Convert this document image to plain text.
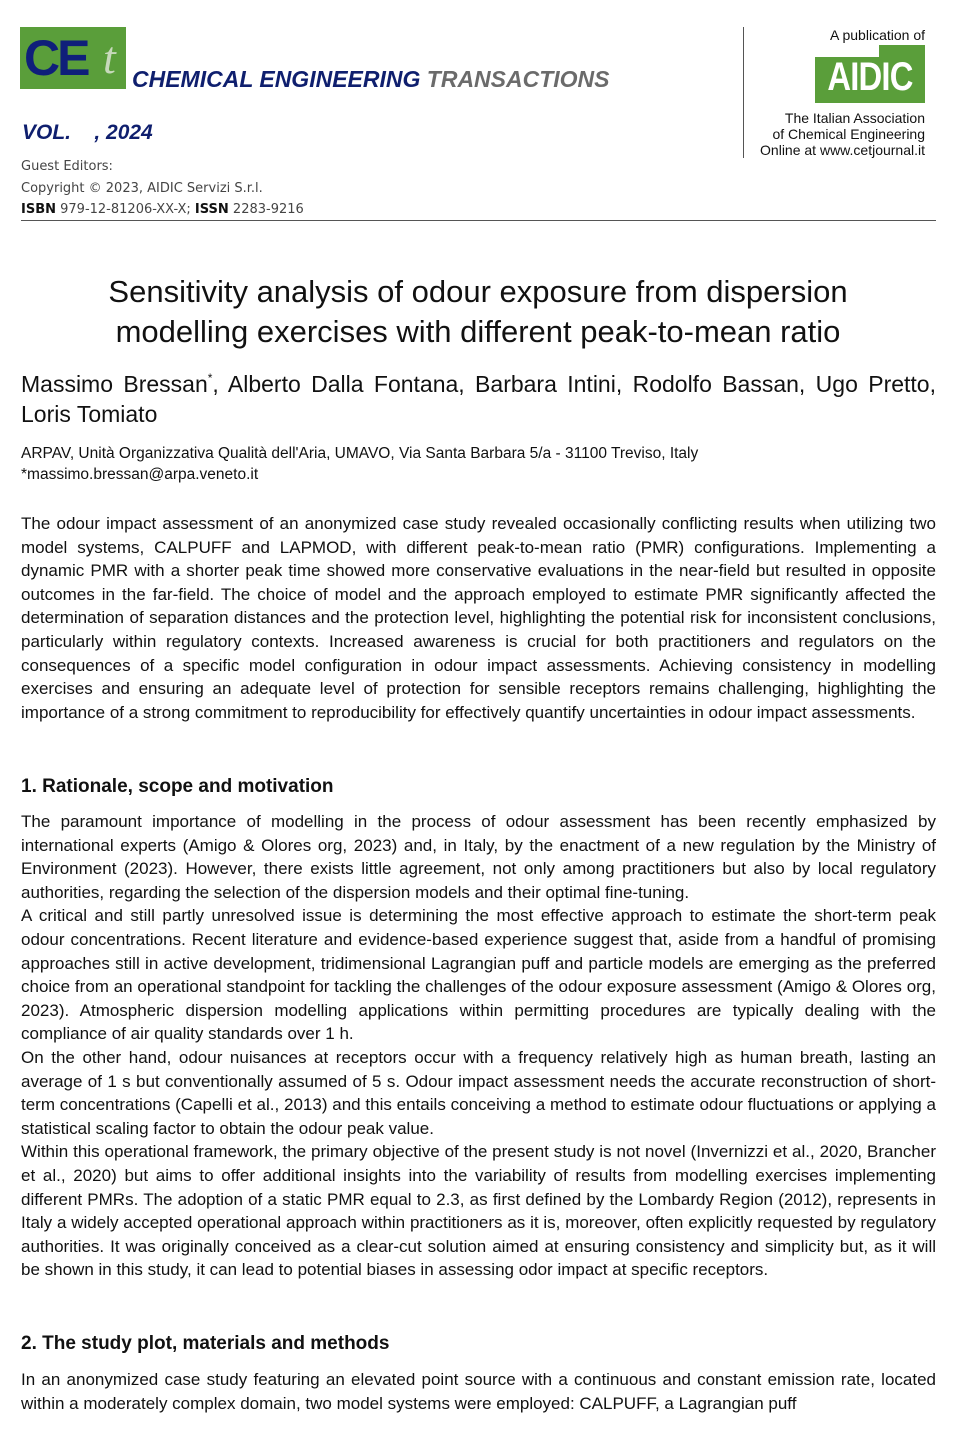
CE t CHEMICAL ENGINEERING TRANSACTIONS
VOL.    , 2024
Guest Editors:
Copyright © 2023, AIDIC Servizi S.r.l.
ISBN 979-12-81206-XX-X; ISSN 2283-9216
A publication of
AIDIC
The Italian Association
of Chemical Engineering
Online at www.cetjournal.it
Sensitivity analysis of odour exposure from dispersion
modelling exercises with different peak-to-mean ratio
Massimo Bressan*, Alberto Dalla Fontana, Barbara Intini, Rodolfo Bassan, Ugo Pretto, Loris Tomiato
ARPAV, Unità Organizzativa Qualità dell'Aria, UMAVO, Via Santa Barbara 5/a - 31100 Treviso, Italy
*massimo.bressan@arpa.veneto.it

The odour impact assessment of an anonymized case study revealed occasionally conflicting results when utilizing two model systems, CALPUFF and LAPMOD, with different peak-to-mean ratio (PMR) configurations. Implementing a dynamic PMR with a shorter peak time showed more conservative evaluations in the near-field but resulted in opposite outcomes in the far-field. The choice of model and the approach employed to estimate PMR significantly affected the determination of separation distances and the protection level, highlighting the potential risk for inconsistent conclusions, particularly within regulatory contexts. Increased awareness is crucial for both practitioners and regulators on the consequences of a specific model configuration in odour impact assessments. Achieving consistency in modelling exercises and ensuring an adequate level of protection for sensible receptors remains challenging, highlighting the importance of a strong commitment to reproducibility for effectively quantify uncertainties in odour impact assessments.

1. Rationale, scope and motivation

The paramount importance of modelling in the process of odour assessment has been recently emphasized by international experts (Amigo & Olores org, 2023) and, in Italy, by the enactment of a new regulation by the Ministry of Environment (2023). However, there exists little agreement, not only among practitioners but also by local regulatory authorities, regarding the selection of the dispersion models and their optimal fine-tuning.

A critical and still partly unresolved issue is determining the most effective approach to estimate the short-term peak odour concentrations. Recent literature and evidence-based experience suggest that, aside from a handful of promising approaches still in active development, tridimensional Lagrangian puff and particle models are emerging as the preferred choice from an operational standpoint for tackling the challenges of the odour exposure assessment (Amigo & Olores org, 2023). Atmospheric dispersion modelling applications within permitting procedures are typically dealing with the compliance of air quality standards over 1 h.

On the other hand, odour nuisances at receptors occur with a frequency relatively high as human breath, lasting an average of 1 s but conventionally assumed of 5 s. Odour impact assessment needs the accurate reconstruction of short-term concentrations (Capelli et al., 2013) and this entails conceiving a method to estimate odour fluctuations or applying a statistical scaling factor to obtain the odour peak value.

Within this operational framework, the primary objective of the present study is not novel (Invernizzi et al., 2020, Brancher et al., 2020) but aims to offer additional insights into the variability of results from modelling exercises implementing different PMRs. The adoption of a static PMR equal to 2.3, as first defined by the Lombardy Region (2012), represents in Italy a widely accepted operational approach within practitioners as it is, moreover, often explicitly requested by regulatory authorities. It was originally conceived as a clear-cut solution aimed at ensuring consistency and simplicity but, as it will be shown in this study, it can lead to potential biases in assessing odor impact at specific receptors.

2. The study plot, materials and methods

In an anonymized case study featuring an elevated point source with a continuous and constant emission rate, located within a moderately complex domain, two model systems were employed: CALPUFF, a Lagrangian puff
